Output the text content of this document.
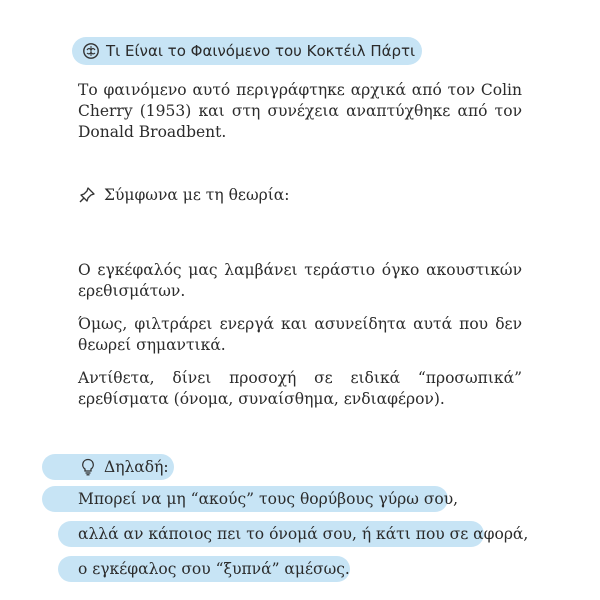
Τι Είναι το Φαινόμενο του Κοκτέιλ Πάρτι

Το φαινόμενο αυτό περιγράφτηκε αρχικά από τον Colin Cherry (1953) και στη συνέχεια αναπτύχθηκε από τον Donald Broadbent.

Σύμφωνα με τη θεωρία:

Ο εγκέφαλός μας λαμβάνει τεράστιο όγκο ακουστικών ερεθισμάτων.

Όμως, φιλτράρει ενεργά και ασυνείδητα αυτά που δεν θεωρεί σημαντικά.

Αντίθετα, δίνει προσοχή σε ειδικά “προσωπικά” ερεθίσματα (όνομα, συναίσθημα, ενδιαφέρον).

Δηλαδή:
Μπορεί να μη “ακούς” τους θορύβους γύρω σου,
αλλά αν κάποιος πει το όνομά σου, ή κάτι που σε αφορά,
ο εγκέφαλος σου “ξυπνά” αμέσως.
